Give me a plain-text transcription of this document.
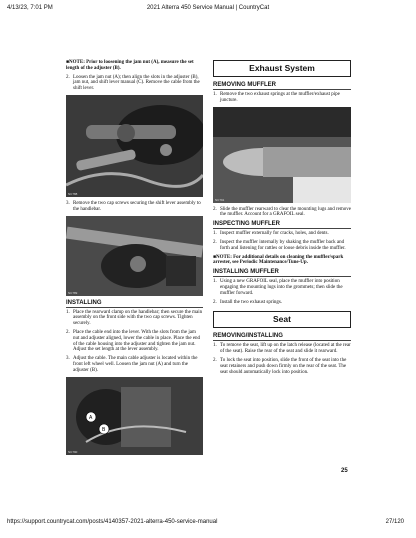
4/13/23, 7:01 PM	2021 Alterra 450 Service Manual | CountryCat

■NOTE: Prior to loosening the jam nut (A), measure the set length of the adjuster (B).

2. Loosen the jam nut (A); then align the slots in the adjuster (B), jam nut, and shift lever manual (C). Remove the cable from the shift lever.
NC788
3. Remove the two cap screws securing the shift lever assembly to the handlebar.
NC789
INSTALLING
1. Place the rearward clamp on the handlebar; then secure the main assembly on the front side with the two cap screws. Tighten securely.
2. Place the cable end into the lever. With the slots from the jam nut and adjuster aligned, lower the cable in place. Place the end of the cable housing into the adjuster and tighten the jam nut. Adjust the set length at the lever assembly.
3. Adjust the cable. The main cable adjuster is located within the front left wheel well. Loosen the jam nut (A) and turn the adjuster (B).
A
B
NC790
Exhaust System
REMOVING MUFFLER
1. Remove the two exhaust springs at the muffler/exhaust pipe juncture.
NC791
2. Slide the muffler rearward to clear the mounting lugs and remove the muffler. Account for a GRAFOIL seal.
INSPECTING MUFFLER
1. Inspect muffler externally for cracks, holes, and dents.
2. Inspect the muffler internally by shaking the muffler back and forth and listening for rattles or loose debris inside the muffler.

■NOTE: For additional details on cleaning the muffler/spark arrester, see Periodic Maintenance/Tune-Up.

INSTALLING MUFFLER
1. Using a new GRAFOIL seal, place the muffler into position engaging the mounting lugs into the grommets; then slide the muffler forward.
2. Install the two exhaust springs.
Seat
REMOVING/INSTALLING
1. To remove the seat, lift up on the latch release (located at the rear of the seat). Raise the rear of the seat and slide it rearward.
2. To lock the seat into position, slide the front of the seat into the seat retainers and push down firmly on the rear of the seat. The seat should automatically lock into position.
25
https://support.countrycat.com/posts/4140357-2021-alterra-450-service-manual	27/120
